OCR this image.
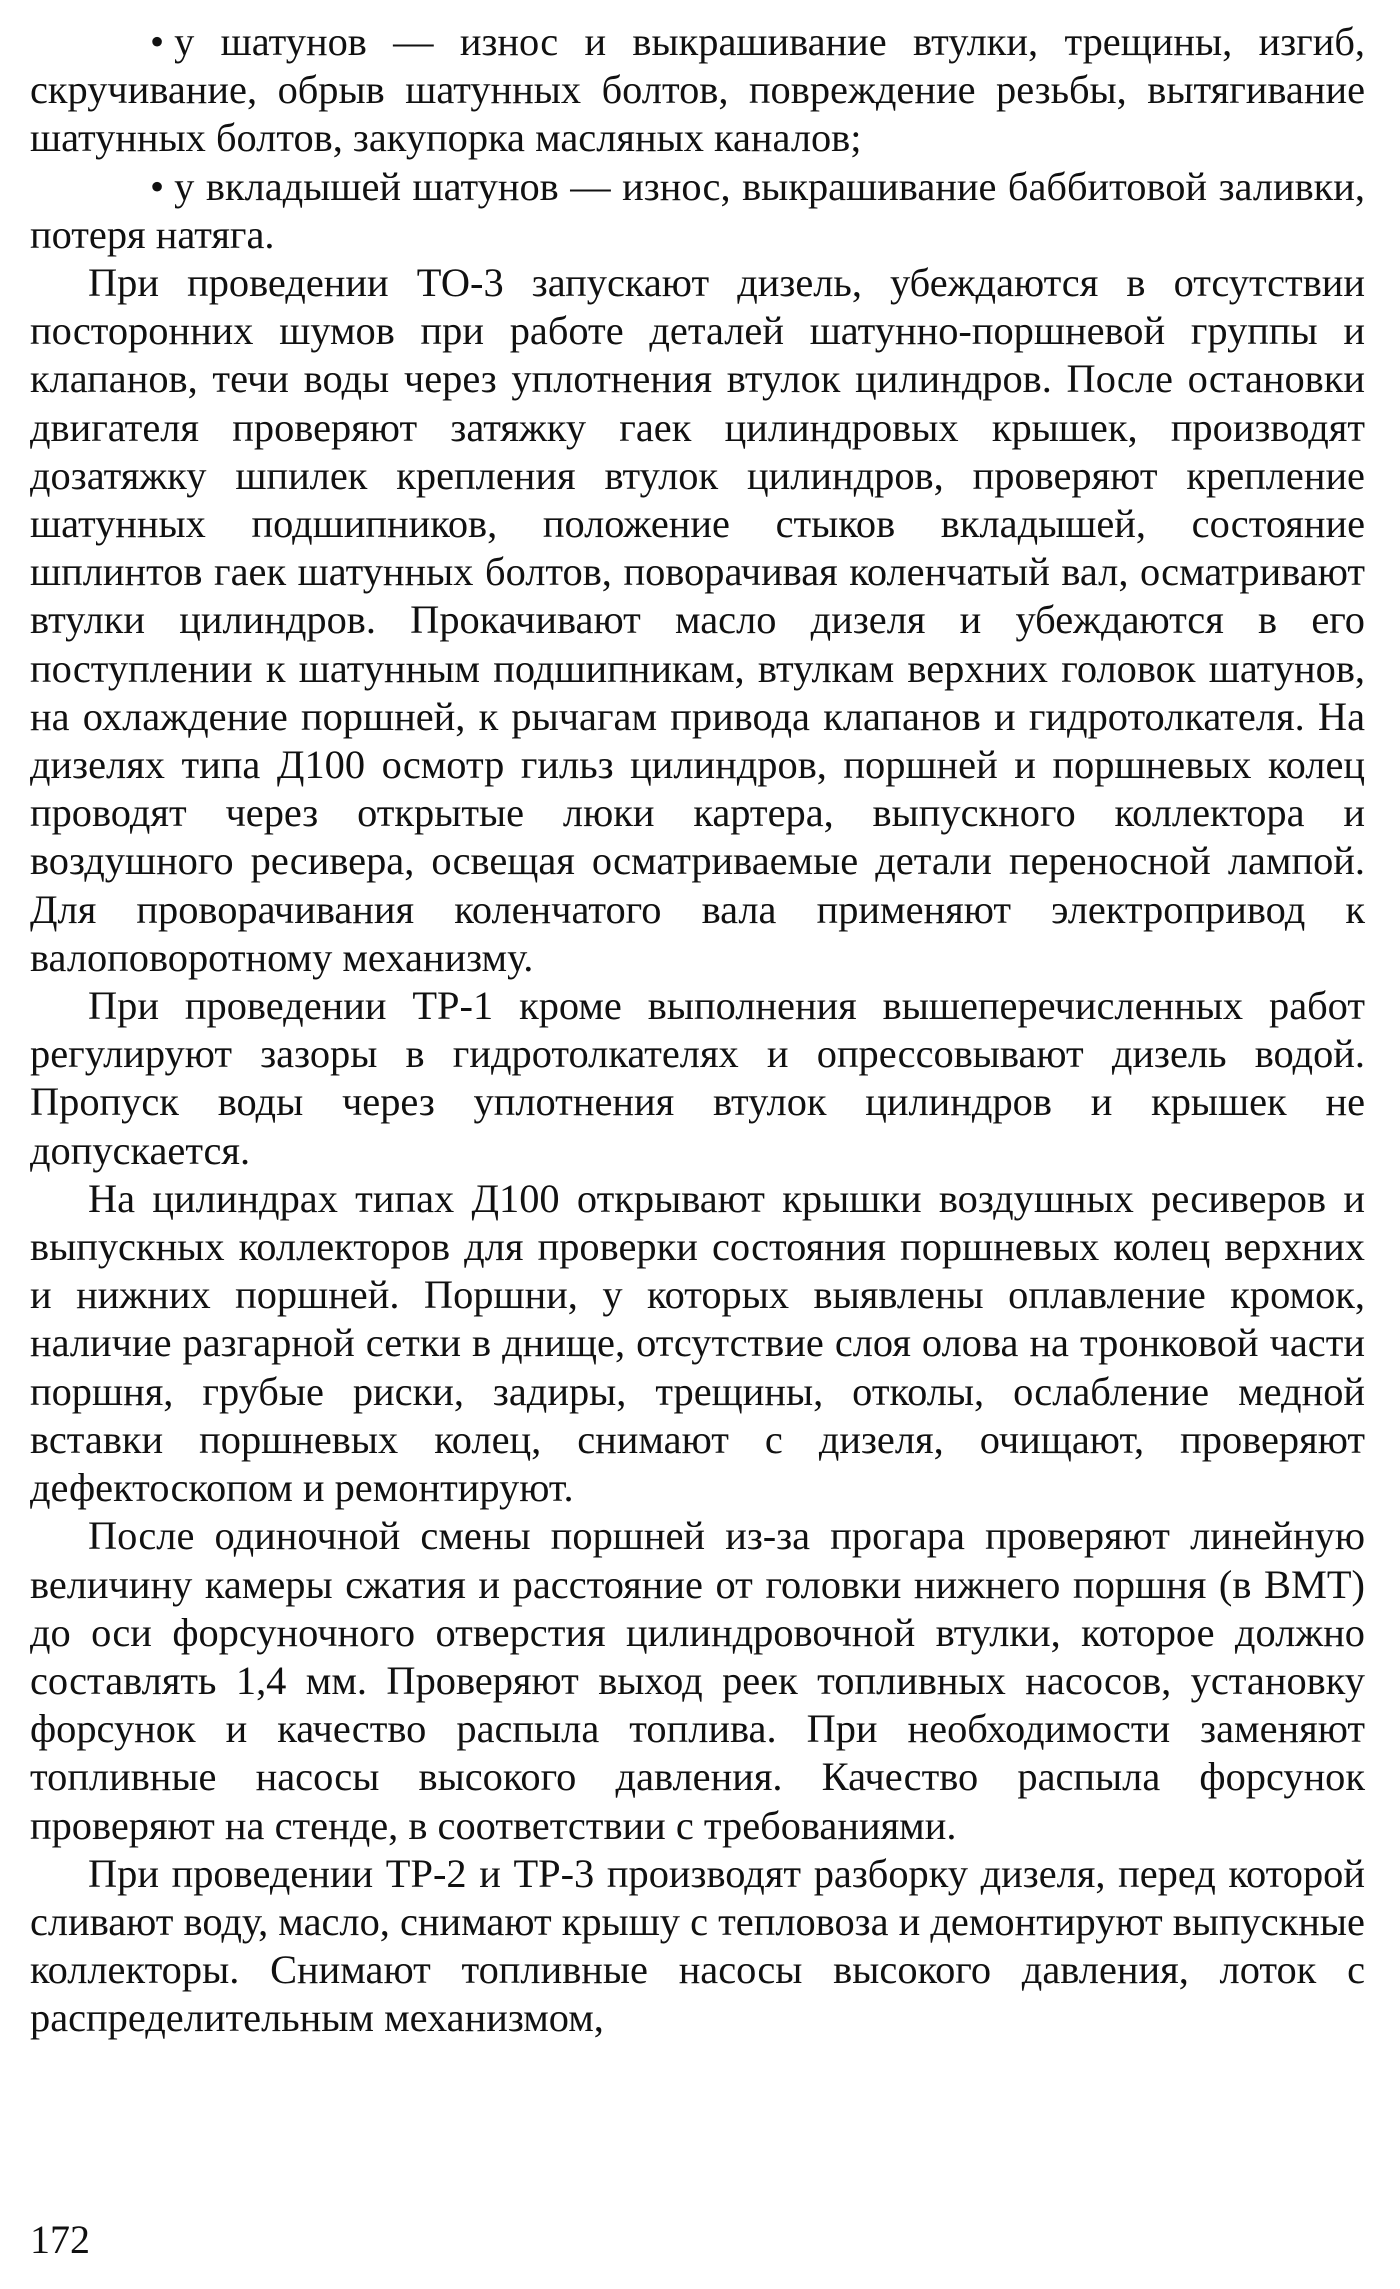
• у шатунов — износ и выкрашивание втулки, трещины, изгиб, скручивание, обрыв шатунных болтов, повреждение резьбы, вытягивание шатунных болтов, закупорка масляных каналов;

• у вкладышей шатунов — износ, выкрашивание баббитовой заливки, потеря натяга.

При проведении ТО-3 запускают дизель, убеждаются в отсутствии посторонних шумов при работе деталей шатунно-поршневой группы и клапанов, течи воды через уплотнения втулок цилиндров. После остановки двигателя проверяют затяжку гаек цилиндровых крышек, производят дозатяжку шпилек крепления втулок цилиндров, проверяют крепление шатунных подшипников, положение стыков вкладышей, состояние шплинтов гаек шатунных болтов, поворачивая коленчатый вал, осматривают втулки цилиндров. Прокачивают масло дизеля и убеждаются в его поступлении к шатунным подшипникам, втулкам верхних головок шатунов, на охлаждение поршней, к рычагам привода клапанов и гидротолкателя. На дизелях типа Д100 осмотр гильз цилиндров, поршней и поршневых колец проводят через открытые люки картера, выпускного коллектора и воздушного ресивера, освещая осматриваемые детали переносной лампой. Для проворачивания коленчатого вала применяют электропривод к валоповоротному механизму.

При проведении ТР-1 кроме выполнения вышеперечисленных работ регулируют зазоры в гидротолкателях и опрессовывают дизель водой. Пропуск воды через уплотнения втулок цилиндров и крышек не допускается.

На цилиндрах типах Д100 открывают крышки воздушных ресиверов и выпускных коллекторов для проверки состояния поршневых колец верхних и нижних поршней. Поршни, у которых выявлены оплавление кромок, наличие разгарной сетки в днище, отсутствие слоя олова на тронковой части поршня, грубые риски, задиры, трещины, отколы, ослабление медной вставки поршневых колец, снимают с дизеля, очищают, проверяют дефектоскопом и ремонтируют.

После одиночной смены поршней из-за прогара проверяют линейную величину камеры сжатия и расстояние от головки нижнего поршня (в ВМТ) до оси форсуночного отверстия цилиндровочной втулки, которое должно составлять 1,4 мм. Проверяют выход реек топливных насосов, установку форсунок и качество распыла топлива. При необходимости заменяют топливные насосы высокого давления. Качество распыла форсунок проверяют на стенде, в соответствии с требованиями.

При проведении ТР-2 и ТР-3 производят разборку дизеля, перед которой сливают воду, масло, снимают крышу с тепловоза и демонтируют выпускные коллекторы. Снимают топливные насосы высокого давления, лоток с распределительным механизмом,

172
